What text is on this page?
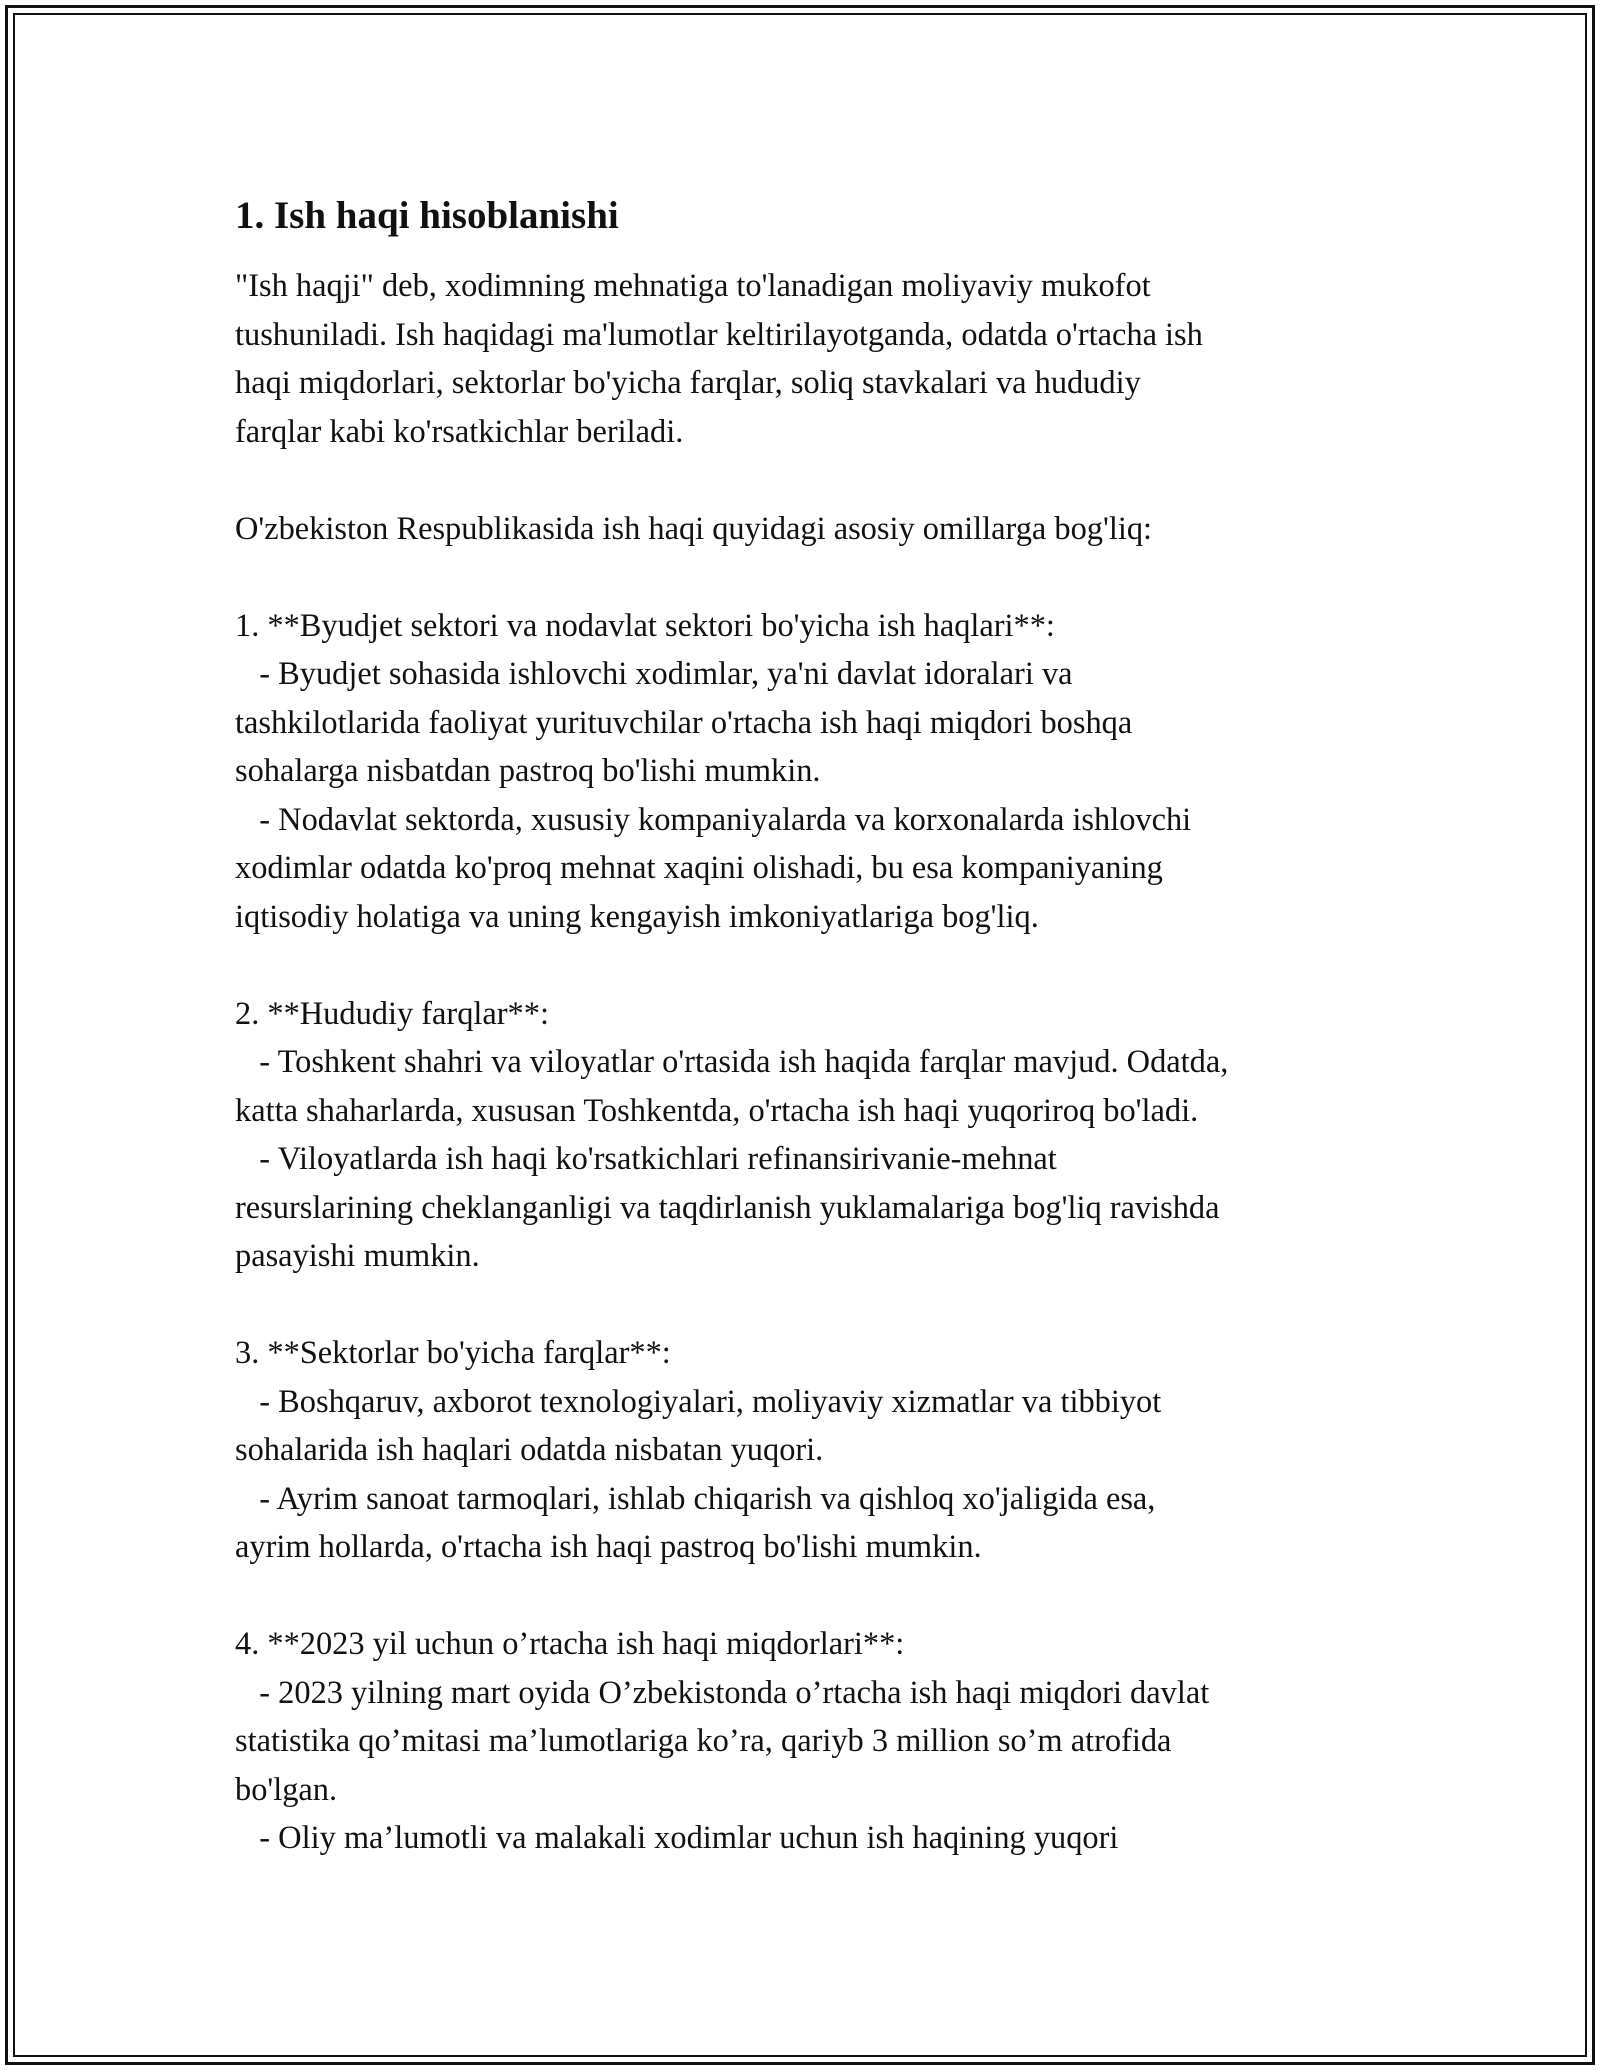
1. Ish haqi hisoblanishi
"Ish haqji" deb, xodimning mehnatiga to'lanadigan moliyaviy mukofot
tushuniladi. Ish haqidagi ma'lumotlar keltirilayotganda, odatda o'rtacha ish
haqi miqdorlari, sektorlar bo'yicha farqlar, soliq stavkalari va hududiy
farqlar kabi ko'rsatkichlar beriladi.
O'zbekiston Respublikasida ish haqi quyidagi asosiy omillarga bog'liq:
1. **Byudjet sektori va nodavlat sektori bo'yicha ish haqlari**:
- Byudjet sohasida ishlovchi xodimlar, ya'ni davlat idoralari va
tashkilotlarida faoliyat yurituvchilar o'rtacha ish haqi miqdori boshqa
sohalarga nisbatdan pastroq bo'lishi mumkin.
- Nodavlat sektorda, xususiy kompaniyalarda va korxonalarda ishlovchi
xodimlar odatda ko'proq mehnat xaqini olishadi, bu esa kompaniyaning
iqtisodiy holatiga va uning kengayish imkoniyatlariga bog'liq.
2. **Hududiy farqlar**:
- Toshkent shahri va viloyatlar o'rtasida ish haqida farqlar mavjud. Odatda,
katta shaharlarda, xususan Toshkentda, o'rtacha ish haqi yuqoriroq bo'ladi.
- Viloyatlarda ish haqi ko'rsatkichlari refinansirivanie-mehnat
resurslarining cheklanganligi va taqdirlanish yuklamalariga bog'liq ravishda
pasayishi mumkin.
3. **Sektorlar bo'yicha farqlar**:
- Boshqaruv, axborot texnologiyalari, moliyaviy xizmatlar va tibbiyot
sohalarida ish haqlari odatda nisbatan yuqori.
- Ayrim sanoat tarmoqlari, ishlab chiqarish va qishloq xo'jaligida esa,
ayrim hollarda, o'rtacha ish haqi pastroq bo'lishi mumkin.
4. **2023 yil uchun o’rtacha ish haqi miqdorlari**:
- 2023 yilning mart oyida O’zbekistonda o’rtacha ish haqi miqdori davlat
statistika qo’mitasi ma’lumotlariga ko’ra, qariyb 3 million so’m atrofida
bo'lgan.
- Oliy ma’lumotli va malakali xodimlar uchun ish haqining yuqori
